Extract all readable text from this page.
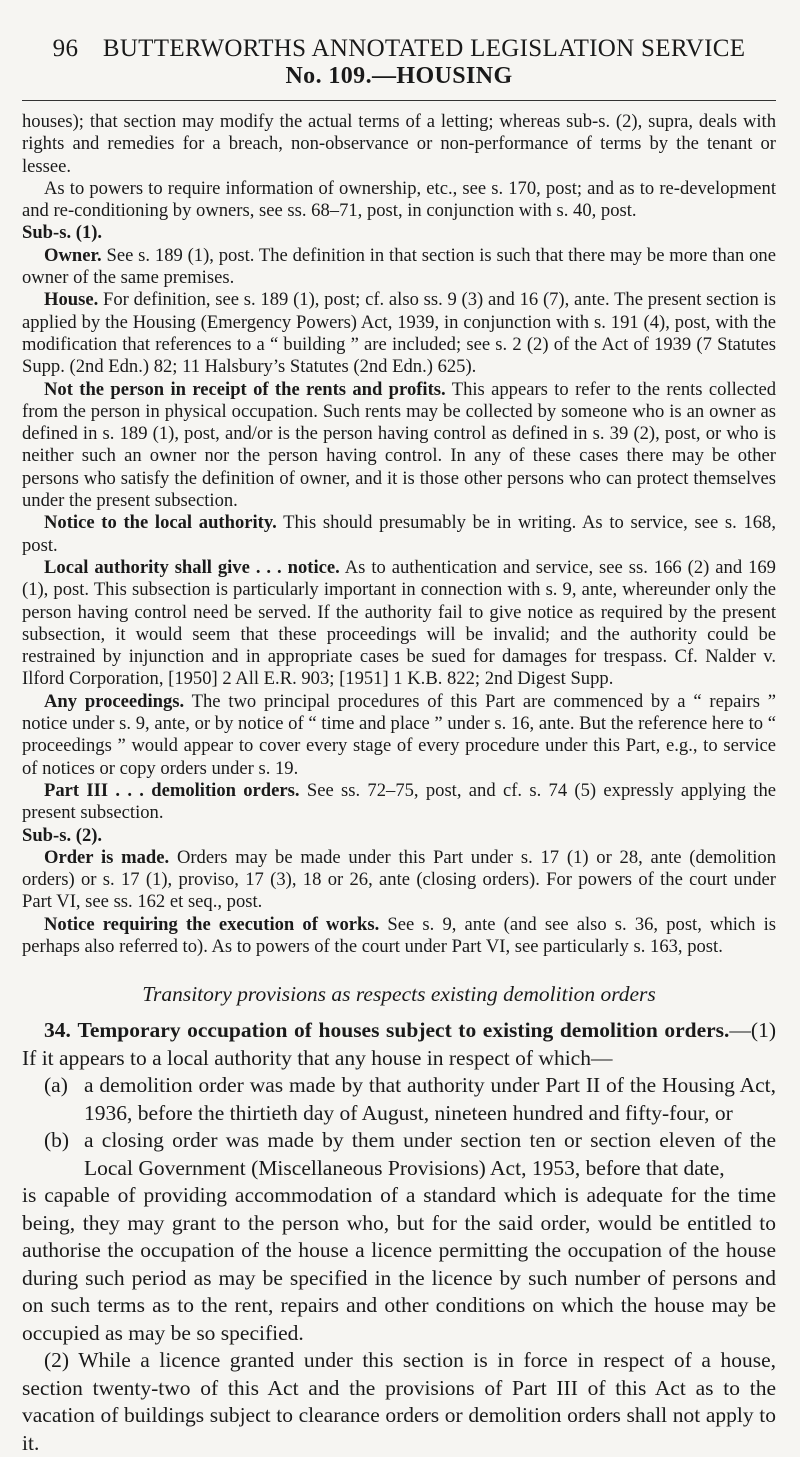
96 BUTTERWORTHS ANNOTATED LEGISLATION SERVICE
No. 109.—HOUSING

houses); that section may modify the actual terms of a letting; whereas sub-s. (2), supra, deals with rights and remedies for a breach, non-observance or non-performance of terms by the tenant or lessee.

As to powers to require information of ownership, etc., see s. 170, post; and as to re-development and re-conditioning by owners, see ss. 68–71, post, in conjunction with s. 40, post.

Sub-s. (1).

Owner. See s. 189 (1), post. The definition in that section is such that there may be more than one owner of the same premises.

House. For definition, see s. 189 (1), post; cf. also ss. 9 (3) and 16 (7), ante. The present section is applied by the Housing (Emergency Powers) Act, 1939, in conjunction with s. 191 (4), post, with the modification that references to a “ building ” are included; see s. 2 (2) of the Act of 1939 (7 Statutes Supp. (2nd Edn.) 82; 11 Halsbury’s Statutes (2nd Edn.) 625).

Not the person in receipt of the rents and profits. This appears to refer to the rents collected from the person in physical occupation. Such rents may be collected by someone who is an owner as defined in s. 189 (1), post, and/or is the person having control as defined in s. 39 (2), post, or who is neither such an owner nor the person having control. In any of these cases there may be other persons who satisfy the definition of owner, and it is those other persons who can protect themselves under the present subsection.

Notice to the local authority. This should presumably be in writing. As to service, see s. 168, post.

Local authority shall give . . . notice. As to authentication and service, see ss. 166 (2) and 169 (1), post. This subsection is particularly important in connection with s. 9, ante, whereunder only the person having control need be served. If the authority fail to give notice as required by the present subsection, it would seem that these proceedings will be invalid; and the authority could be restrained by injunction and in appropriate cases be sued for damages for trespass. Cf. Nalder v. Ilford Corporation, [1950] 2 All E.R. 903; [1951] 1 K.B. 822; 2nd Digest Supp.

Any proceedings. The two principal procedures of this Part are commenced by a “ repairs ” notice under s. 9, ante, or by notice of “ time and place ” under s. 16, ante. But the reference here to “ proceedings ” would appear to cover every stage of every procedure under this Part, e.g., to service of notices or copy orders under s. 19.

Part III . . . demolition orders. See ss. 72–75, post, and cf. s. 74 (5) expressly applying the present subsection.

Sub-s. (2).

Order is made. Orders may be made under this Part under s. 17 (1) or 28, ante (demolition orders) or s. 17 (1), proviso, 17 (3), 18 or 26, ante (closing orders). For powers of the court under Part VI, see ss. 162 et seq., post.

Notice requiring the execution of works. See s. 9, ante (and see also s. 36, post, which is perhaps also referred to). As to powers of the court under Part VI, see particularly s. 163, post.

Transitory provisions as respects existing demolition orders

34. Temporary occupation of houses subject to existing demolition orders.—(1) If it appears to a local authority that any house in respect of which—

(a) a demolition order was made by that authority under Part II of the Housing Act, 1936, before the thirtieth day of August, nineteen hundred and fifty-four, or
(b) a closing order was made by them under section ten or section eleven of the Local Government (Miscellaneous Provisions) Act, 1953, before that date,

is capable of providing accommodation of a standard which is adequate for the time being, they may grant to the person who, but for the said order, would be entitled to authorise the occupation of the house a licence permitting the occupation of the house during such period as may be specified in the licence by such number of persons and on such terms as to the rent, repairs and other conditions on which the house may be occupied as may be so specified.

(2) While a licence granted under this section is in force in respect of a house, section twenty-two of this Act and the provisions of Part III of this Act as to the vacation of buildings subject to clearance orders or demolition orders shall not apply to it.
